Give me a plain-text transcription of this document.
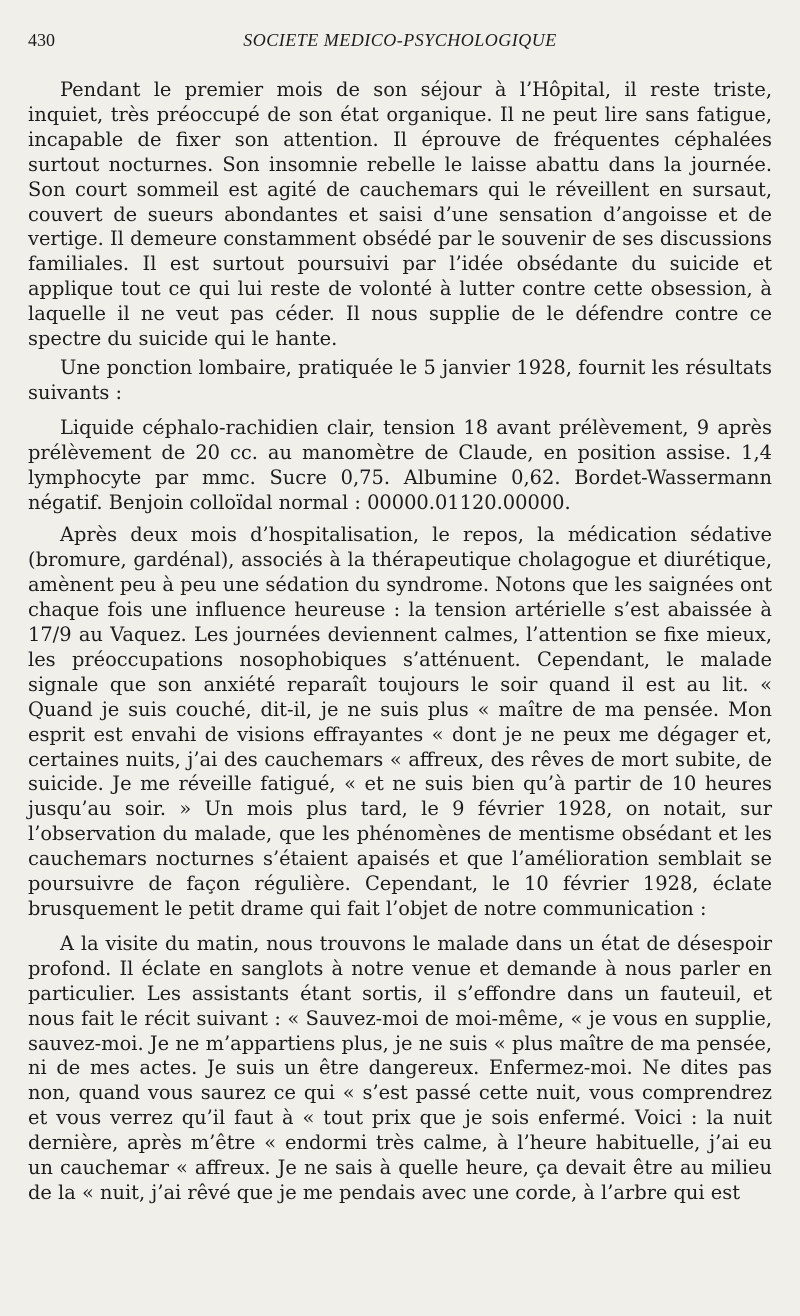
430	SOCIETE MEDICO-PSYCHOLOGIQUE

Pendant le premier mois de son séjour à l’Hôpital, il reste triste, inquiet, très préoccupé de son état organique. Il ne peut lire sans fatigue, incapable de fixer son attention. Il éprouve de fréquentes céphalées surtout nocturnes. Son insomnie rebelle le laisse abattu dans la journée. Son court sommeil est agité de cauchemars qui le réveillent en sursaut, couvert de sueurs abondantes et saisi d’une sensation d’angoisse et de vertige. Il demeure constamment obsédé par le souvenir de ses discussions familiales. Il est surtout poursuivi par l’idée obsédante du suicide et applique tout ce qui lui reste de volonté à lutter contre cette obsession, à laquelle il ne veut pas céder. Il nous supplie de le défendre contre ce spectre du suicide qui le hante.

Une ponction lombaire, pratiquée le 5 janvier 1928, fournit les résultats suivants :

Liquide céphalo-rachidien clair, tension 18 avant prélèvement, 9 après prélèvement de 20 cc. au manomètre de Claude, en position assise. 1,4 lymphocyte par mmc. Sucre 0,75. Albumine 0,62. Bordet-Wassermann négatif. Benjoin colloïdal normal : 00000.01120.00000.

Après deux mois d’hospitalisation, le repos, la médication sédative (bromure, gardénal), associés à la thérapeutique cholagogue et diurétique, amènent peu à peu une sédation du syndrome. Notons que les saignées ont chaque fois une influence heureuse : la tension artérielle s’est abaissée à 17/9 au Vaquez. Les journées deviennent calmes, l’attention se fixe mieux, les préoccupations nosophobiques s’atténuent. Cependant, le malade signale que son anxiété reparaît toujours le soir quand il est au lit. « Quand je suis couché, dit-il, je ne suis plus « maître de ma pensée. Mon esprit est envahi de visions effrayantes « dont je ne peux me dégager et, certaines nuits, j’ai des cauchemars « affreux, des rêves de mort subite, de suicide. Je me réveille fatigué, « et ne suis bien qu’à partir de 10 heures jusqu’au soir. » Un mois plus tard, le 9 février 1928, on notait, sur l’observation du malade, que les phénomènes de mentisme obsédant et les cauchemars nocturnes s’étaient apaisés et que l’amélioration semblait se poursuivre de façon régulière. Cependant, le 10 février 1928, éclate brusquement le petit drame qui fait l’objet de notre communication :

A la visite du matin, nous trouvons le malade dans un état de désespoir profond. Il éclate en sanglots à notre venue et demande à nous parler en particulier. Les assistants étant sortis, il s’effondre dans un fauteuil, et nous fait le récit suivant : « Sauvez-moi de moi-même, « je vous en supplie, sauvez-moi. Je ne m’appartiens plus, je ne suis « plus maître de ma pensée, ni de mes actes. Je suis un être dangereux. Enfermez-moi. Ne dites pas non, quand vous saurez ce qui « s’est passé cette nuit, vous comprendrez et vous verrez qu’il faut à « tout prix que je sois enfermé. Voici : la nuit dernière, après m’être « endormi très calme, à l’heure habituelle, j’ai eu un cauchemar « affreux. Je ne sais à quelle heure, ça devait être au milieu de la « nuit, j’ai rêvé que je me pendais avec une corde, à l’arbre qui est
